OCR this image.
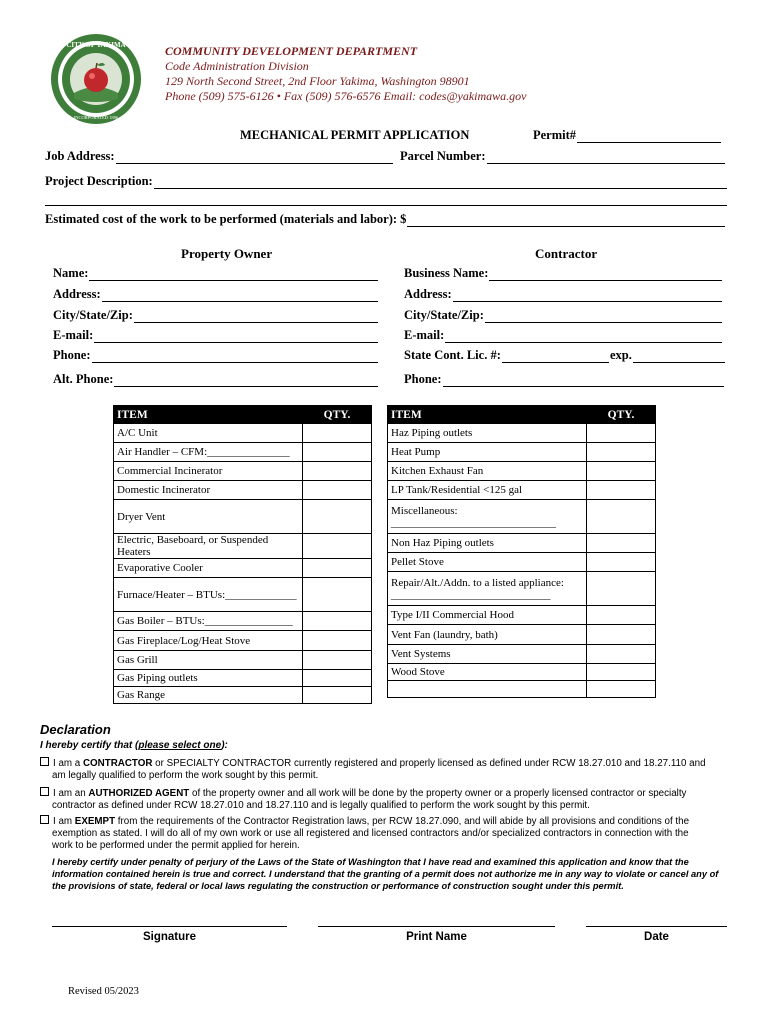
CITY OF YAKIMA
INCORPORATED 1886
COMMUNITY DEVELOPMENT DEPARTMENT
Code Administration Division
129 North Second Street, 2nd Floor Yakima, Washington 98901
Phone (509) 575-6126 • Fax (509) 576-6576 Email: codes@yakimawa.gov
MECHANICAL PERMIT APPLICATION	Permit#
Job Address:	Parcel Number:
Project Description:
Estimated cost of the work to be performed (materials and labor): $
Property Owner	Contractor
Name:
Address:
City/State/Zip:
E-mail:
Phone:
Alt. Phone:
Business Name:
Address:
City/State/Zip:
E-mail:
State Cont. Lic. #:	exp.
Phone:
ITEM	QTY.

A/C Unit	

Air Handler – CFM:_______________	

Commercial Incinerator	

Domestic Incinerator	

Dryer Vent	

Electric, Baseboard, or Suspended Heaters	

Evaporative Cooler	

Furnace/Heater – BTUs:_____________	

Gas Boiler – BTUs:________________	

Gas Fireplace/Log/Heat Stove	

Gas Grill	

Gas Piping outlets	

Gas Range	

ITEM	QTY.

Haz Piping outlets	

Heat Pump	

Kitchen Exhaust Fan	

LP Tank/Residential <125 gal	

Miscellaneous:
______________________________	

Non Haz Piping outlets	

Pellet Stove	

Repair/Alt./Addn. to a listed appliance:
_____________________________	

Type I/II Commercial Hood	

Vent Fan (laundry, bath)	

Vent Systems	

Wood Stove	

Declaration
I hereby certify that (please select one):
I am a CONTRACTOR or SPECIALTY CONTRACTOR currently registered and properly licensed as defined under RCW 18.27.010 and 18.27.110 and
am legally qualified to perform the work sought by this permit.
I am an AUTHORIZED AGENT of the property owner and all work will be done by the property owner or a properly licensed contractor or specialty
contractor as defined under RCW 18.27.010 and 18.27.110 and is legally qualified to perform the work sought by this permit.
I am EXEMPT from the requirements of the Contractor Registration laws, per RCW 18.27.090, and will abide by all provisions and conditions of the
exemption as stated. I will do all of my own work or use all registered and licensed contractors and/or specialized contractors in connection with the
work to be performed under the permit applied for herein.
I hereby certify under penalty of perjury of the Laws of the State of Washington that I have read and examined this application and know that the information contained herein is true and correct. I understand that the granting of a permit does not authorize me in any way to violate or cancel any of the provisions of state, federal or local laws regulating the construction or performance of construction sought under this permit.
Signature	Print Name	Date
Revised 05/2023
